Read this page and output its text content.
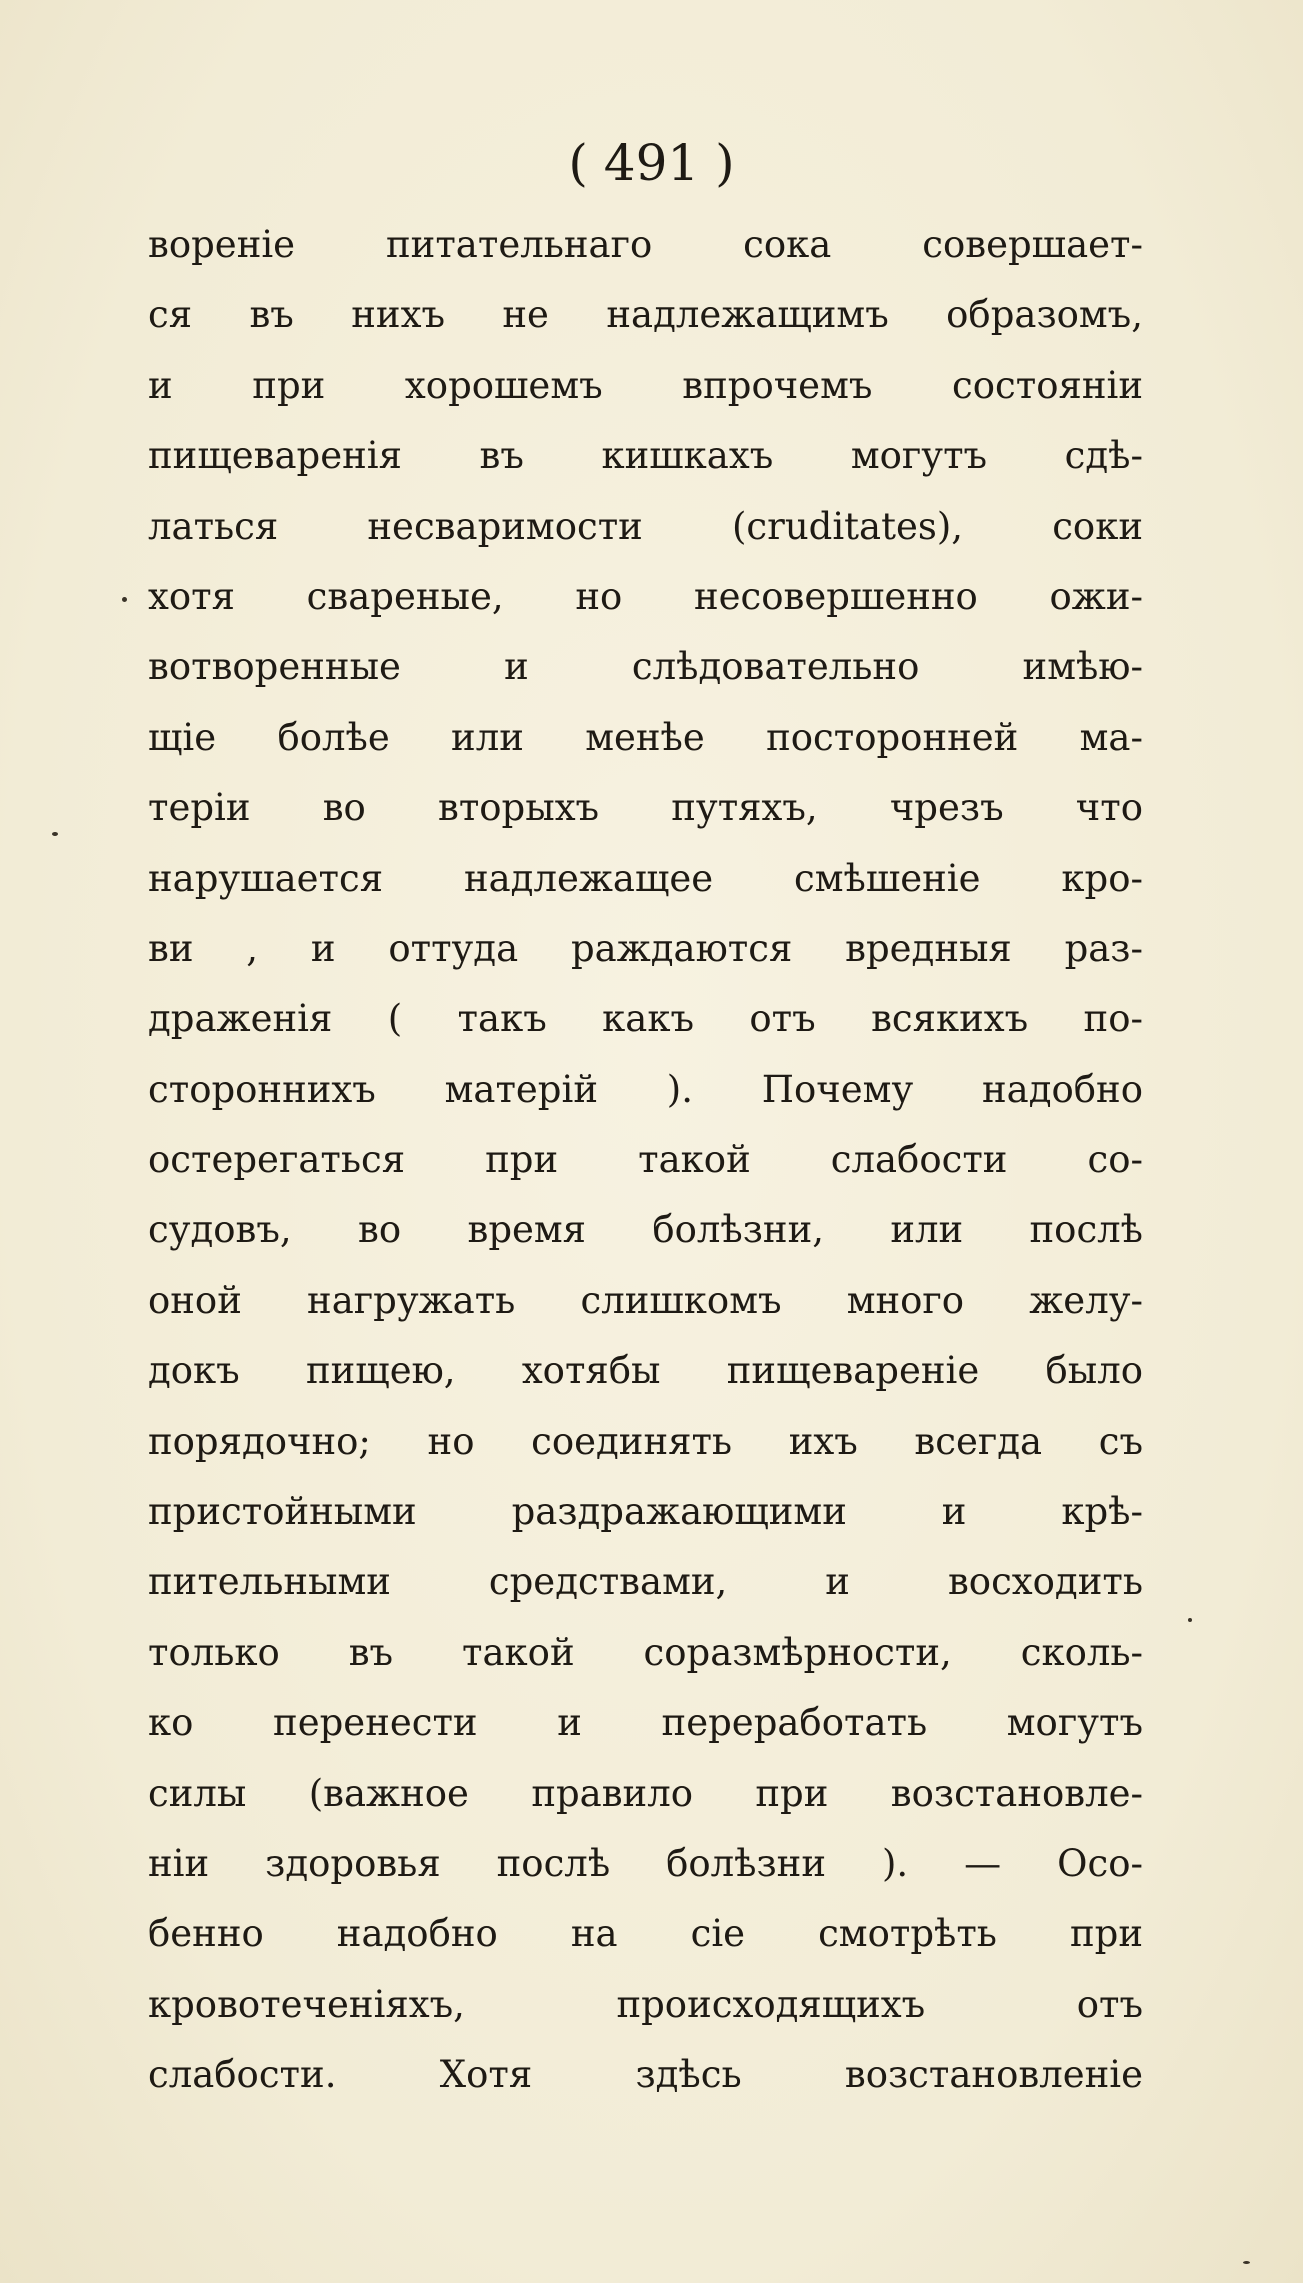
( 491 )
вореніе питательнаго сока совершает-
ся въ нихъ не надлежащимъ образомъ,
и при хорошемъ впрочемъ состояніи
пищеваренія въ кишкахъ могутъ сдѣ-
латься несваримости (cruditates), соки
хотя свареные, но несовершенно ожи-
вотворенные и слѣдовательно имѣю-
щіе болѣе или менѣе посторонней ма-
теріи во вторыхъ путяхъ, чрезъ что
нарушается надлежащее смѣшеніе кро-
ви , и оттуда раждаются вредныя раз-
драженія ( такъ какъ отъ всякихъ по-
стороннихъ матерій ). Почему надобно
остерегаться при такой слабости со-
судовъ, во время болѣзни, или послѣ
оной нагружать слишкомъ много желу-
докъ пищею, хотябы пищевареніе было
порядочно; но соединять ихъ всегда съ
пристойными раздражающими и крѣ-
пительными средствами, и восходить
только въ такой соразмѣрности, сколь-
ко перенести и переработать могутъ
силы (важное правило при возстановле-
ніи здоровья послѣ болѣзни ). — Осо-
бенно надобно на сіе смотрѣть при
кровотеченіяхъ, происходящихъ отъ
слабости. Хотя здѣсь возстановленіе
